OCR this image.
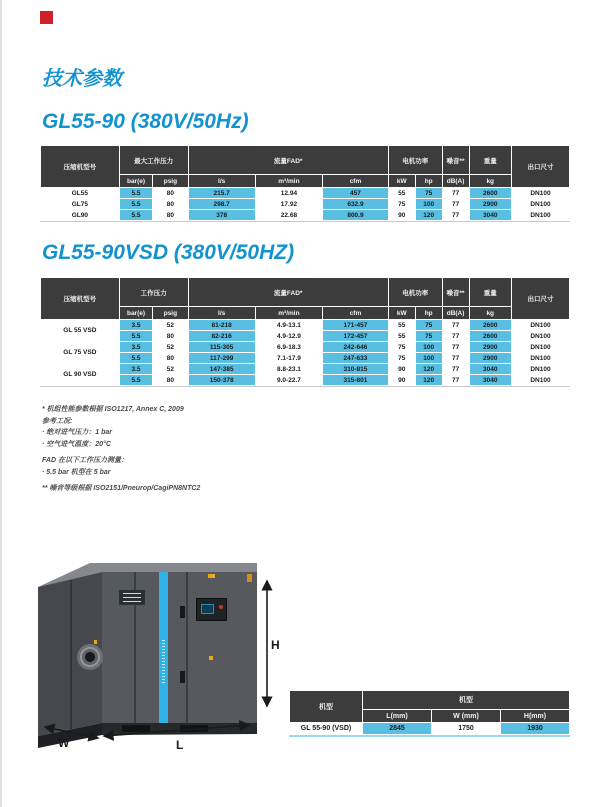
技术参数
GL55-90 (380V/50Hz)
压缩机型号	最大工作压力		流量FAD*			电机功率		噪音**	重量	出口尺寸
	bar(e)	psig	l/s	m³/min	cfm	kW	hp	dB(A)	kg	
GL55	5.5	80	215.7	12.94	457	55	75	77	2600	DN100
GL75	5.5	80	298.7	17.92	632.9	75	100	77	2900	DN100
GL90	5.5	80	378	22.68	800.9	90	120	77	3040	DN100
GL55-90VSD (380V/50HZ)
压缩机型号	工作压力		流量FAD*			电机功率		噪音**	重量	出口尺寸
	bar(e)	psig	l/s	m³/min	cfm	kW	hp	dB(A)	kg	
GL 55 VSD	3.5	52	81-218	4.9-13.1	171-457	55	75	77	2600	DN100
	5.5	80	82-216	4.9-12.9	172-457	55	75	77	2600	DN100
GL 75 VSD	3.5	52	115-305	6.9-18.3	242-646	75	100	77	2900	DN100
	5.5	80	117-299	7.1-17.9	247-633	75	100	77	2900	DN100
GL 90 VSD	3.5	52	147-385	8.8-23.1	310-815	90	120	77	3040	DN100
	5.5	80	150-378	9.0-22.7	315-801	90	120	77	3040	DN100
* 机组性能参数根据 ISO1217, Annex C, 2009
参考工况:
· 绝对进气压力：1 bar
· 空气进气温度：20°C
FAD 在以下工作压力测量：
· 5.5 bar 机型在 5 bar
** 噪音等级根据 ISO2151/Pneurop/CagiPN8NTC2
W	L
H
机型	机型		
	L(mm)	W (mm)	H(mm)
GL 55-90 (VSD)	2845	1750	1930
